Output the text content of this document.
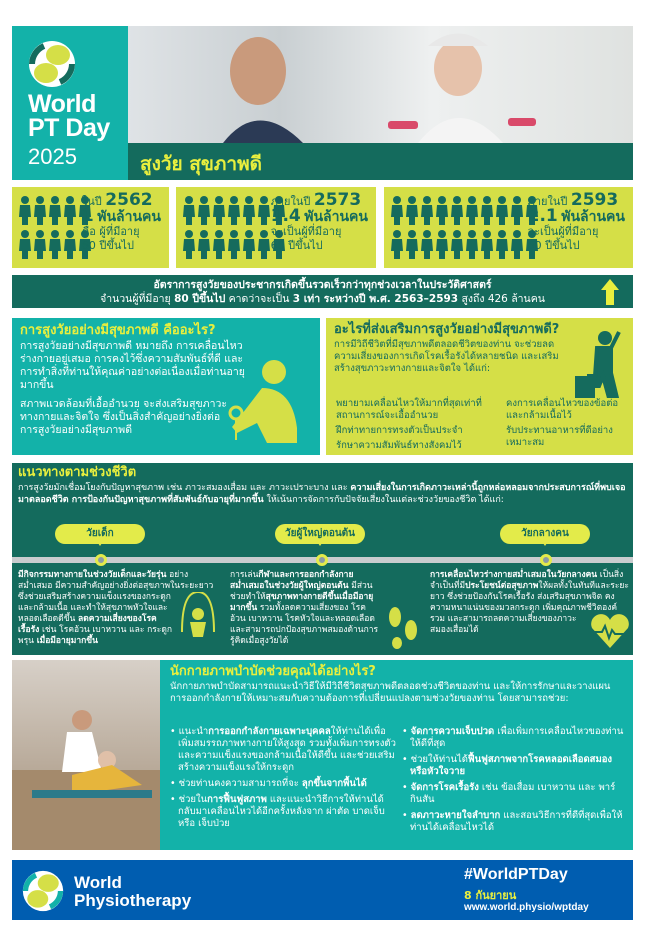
World
PT Day
2025	สูงวัย สุขภาพดี
ในปี 2562
1 พันล้านคน
คือ ผู้ที่มีอายุ
60 ปีขึ้นไป
ภายในปี 2573
1.4 พันล้านคน
จะเป็นผู้ที่มีอายุ
60 ปีขึ้นไป
ภายในปี 2593
2.1 พันล้านคน
จะเป็นผู้ที่มีอายุ
60 ปีขึ้นไป
อัตราการสูงวัยของประชากรเกิดขึ้นรวดเร็วกว่าทุกช่วงเวลาในประวัติศาสตร์
จำนวนผู้ที่มีอายุ 80 ปีขึ้นไป คาดว่าจะเป็น 3 เท่า ระหว่างปี พ.ศ. 2563–2593 สูงถึง 426 ล้านคน
การสูงวัยอย่างมีสุขภาพดี คืออะไร?

การสูงวัยอย่างมีสุขภาพดี หมายถึง การเคลื่อนไหวร่างกายอยู่เสมอ การคงไว้ซึ่งความสัมพันธ์ที่ดี และการทำสิ่งที่ท่านให้คุณค่าอย่างต่อเนื่องเมื่อท่านอายุมากขึ้น

สภาพแวดล้อมที่เอื้ออำนวย จะส่งเสริมสุขภาวะทางกายและจิตใจ ซึ่งเป็นสิ่งสำคัญอย่างยิ่งต่อการสูงวัยอย่างมีสุขภาพดี

อะไรที่ส่งเสริมการสูงวัยอย่างมีสุขภาพดี?

การมีวิถีชีวิตที่มีสุขภาพดีตลอดชีวิตของท่าน จะช่วยลดความเสี่ยงของการเกิดโรคเรื้อรังได้หลายชนิด และเสริมสร้างสุขภาวะทางกายและจิตใจ ได้แก่:

พยายามเคลื่อนไหวให้มากที่สุดเท่าที่สถานการณ์จะเอื้ออำนวย
ฝึกท่าทายการทรงตัวเป็นประจำ
รักษาความสัมพันธ์ทางสังคมไว้
คงการเคลื่อนไหวของข้อต่อและกล้ามเนื้อไว้
รับประทานอาหารที่ดีอย่างเหมาะสม
แนวทางตามช่วงชีวิต

การสูงวัยมักเชื่อมโยงกับปัญหาสุขภาพ เช่น ภาวะสมองเสื่อม และ ภาวะเปราะบาง และ ความเสี่ยงในการเกิดภาวะเหล่านี้ถูกหล่อหลอมจากประสบการณ์ที่พบเจอมาตลอดชีวิต การป้องกันปัญหาสุขภาพที่สัมพันธ์กับอายุที่มากขึ้น ให้เน้นการจัดการกับปัจจัยเสี่ยงในแต่ละช่วงวัยของชีวิต ได้แก่:

วัยเด็ก	วัยผู้ใหญ่ตอนต้น	วัยกลางคน
มีกิจกรรมทางกายในช่วงวัยเด็กและวัยรุ่น อย่างสม่ำเสมอ มีความสำคัญอย่างยิ่งต่อสุขภาพในระยะยาวซึ่งช่วยเสริมสร้างความแข็งแรงของกระดูกและกล้ามเนื้อ และทำให้สุขภาพหัวใจและหลอดเลือดดีขึ้น ลดความเสี่ยงของโรคเรื้อรัง เช่น โรคอ้วน เบาหวาน และ กระดูกพรุน เมื่อมีอายุมากขึ้น
การเล่นกีฬาและการออกกำลังกายสม่ำเสมอในช่วงวัยผู้ใหญ่ตอนต้น มีส่วนช่วยทำให้สุขภาพทางกายดีขึ้นเมื่อมีอายุมากขึ้น รวมทั้งลดความเสี่ยงของ โรคอ้วน เบาหวาน โรคหัวใจและหลอดเลือด และสามารถปกป้องสุขภาพสมองด้านการรู้คิดเมื่อสูงวัยได้
การเคลื่อนไหวร่างกายสม่ำเสมอในวัยกลางคน เป็นสิ่งจำเป็นที่มีประโยชน์ต่อสุขภาพให้ผลทั้งในทันทีและระยะยาว ซึ่งช่วยป้องกันโรคเรื้อรัง ส่งเสริมสุขภาพจิต คงความหนาแน่นของมวลกระดูก เพิ่มคุณภาพชีวิตองค์รวม และสามารถลดความเสี่ยงของภาวะสมองเสื่อมได้
นักกายภาพบำบัดช่วยคุณได้อย่างไร?

นักกายภาพบำบัดสามารถแนะนำวิธีให้มีวิถีชีวิตสุขภาพดีตลอดช่วงชีวิตของท่าน และให้การรักษาและวางแผนการออกกำลังกายให้เหมาะสมกับความต้องการที่เปลี่ยนแปลงตามช่วงวัยของท่าน โดยสามารถช่วย:

• แนะนำการออกกำลังกายเฉพาะบุคคลให้ท่านได้เพื่อเพิ่มสมรรถภาพทางกายให้สูงสุด รวมทั้งเพิ่มการทรงตัวและความแข็งแรงของกล้ามเนื้อให้ดีขึ้น และช่วยเสริมสร้างความแข็งแรงให้กระดูก
• ช่วยท่านคงความสามารถที่จะ ลุกขึ้นจากพื้นได้
• ช่วยในการฟื้นฟูสภาพ และแนะนำวิธีการให้ท่านได้กลับมาเคลื่อนไหวได้อีกครั้งหลังจาก ผ่าตัด บาดเจ็บ หรือ เจ็บป่วย
• จัดการความเจ็บปวด เพื่อเพิ่มการเคลื่อนไหวของท่านให้ดีที่สุด
• ช่วยให้ท่านได้ฟื้นฟูสภาพจากโรคหลอดเลือดสมองหรือหัวใจวาย
• จัดการโรคเรื้อรัง เช่น ข้อเสื่อม เบาหวาน และ พาร์กินสัน
• ลดภาวะหายใจลำบาก และสอนวิธีการที่ดีที่สุดเพื่อให้ท่านได้เคลื่อนไหวได้
World
Physiotherapy
#WorldPTDay
8 กันยายน
www.world.physio/wptday
